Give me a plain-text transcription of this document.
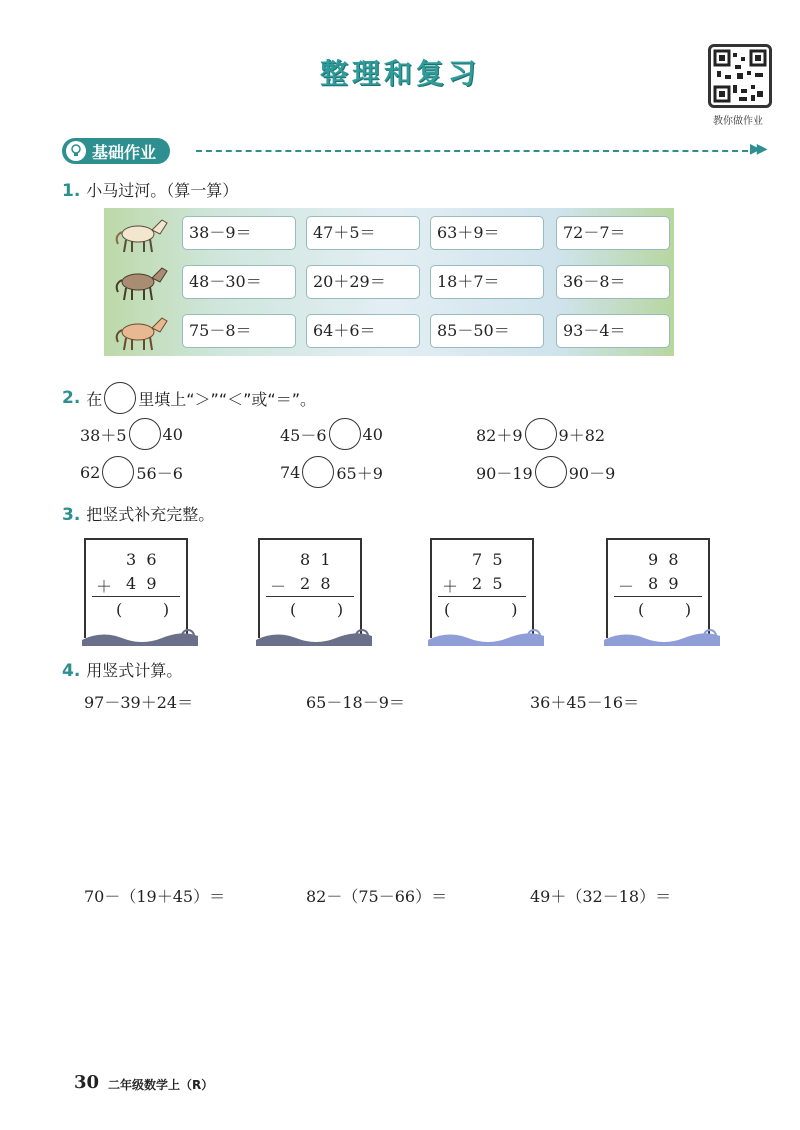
整理和复习
教你做作业
基础作业	▶▶
1. 小马过河。（算一算）
38－9＝	47＋5＝	63＋9＝	72－7＝
48－30＝	20＋29＝	18＋7＝	36－8＝
75－8＝	64＋6＝	85－50＝	93－4＝
2 . 在 里填上“＞”“＜”或“＝”。
38＋5 40	45－6 40	82＋9 9＋82
62 56－6	74 65＋9	90－19 90－9
3. 把竖式补充完整。
3  6
＋ 4  9
(        )
8  1
－ 2  8
(        )
7  5
＋ 2  5
(            )
9  8
－ 8  9
(        )
4. 用竖式计算。
97－39＋24＝	65－18－9＝	36＋45－16＝
70－（19＋45）＝	82－（75－66）＝	49＋（32－18）＝
30 二年级数学上（R）
